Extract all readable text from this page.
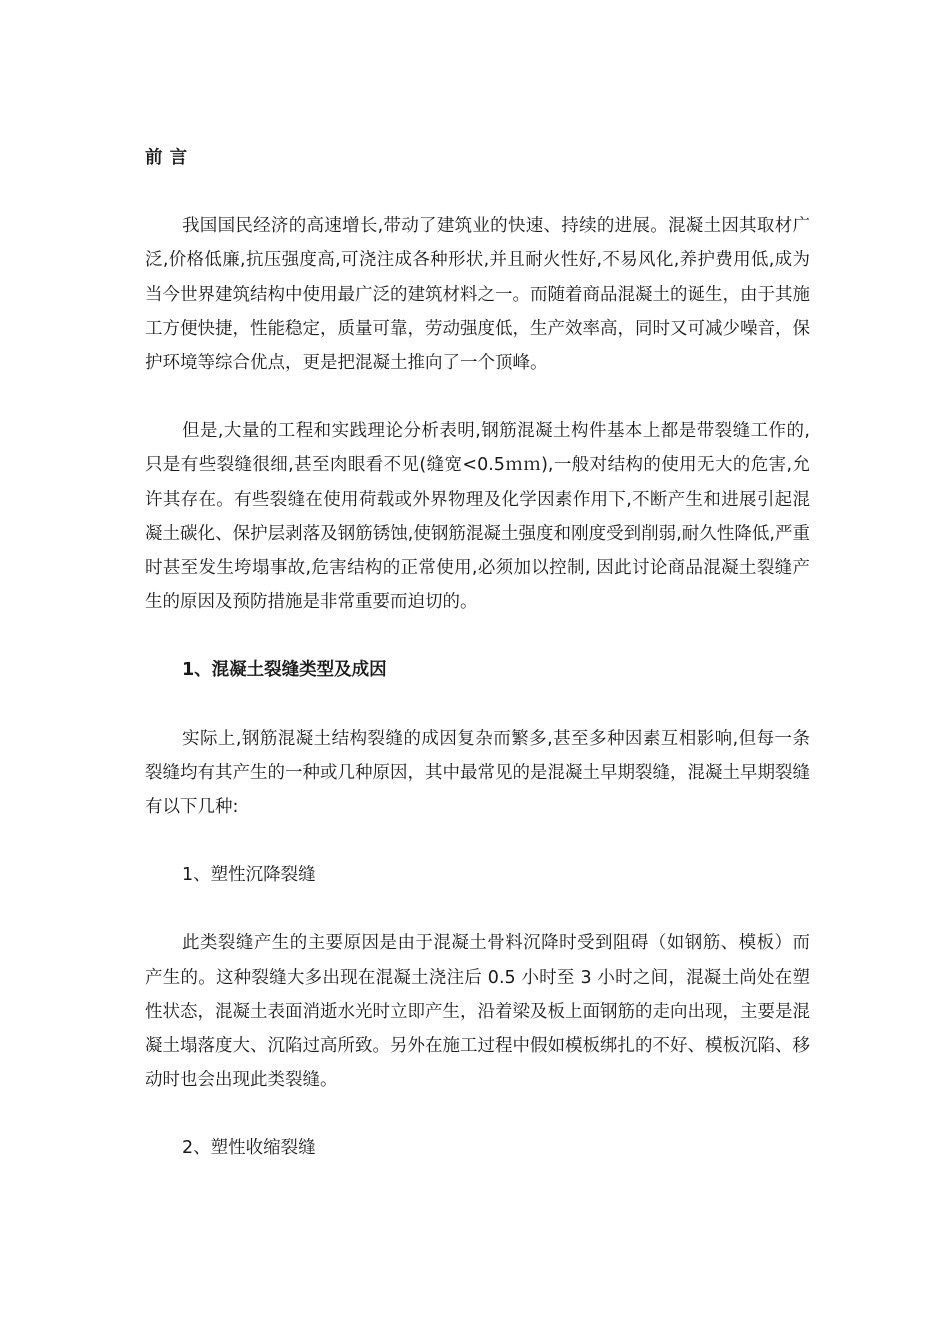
前 言

我国国民经济的高速增长,带动了建筑业的快速、持续的进展。混凝土因其取材广泛,价格低廉,抗压强度高,可浇注成各种形状,并且耐火性好,不易风化,养护费用低,成为当今世界建筑结构中使用最广泛的建筑材料之一。而随着商品混凝土的诞生，由于其施工方便快捷，性能稳定，质量可靠，劳动强度低，生产效率高，同时又可减少噪音，保护环境等综合优点，更是把混凝土推向了一个顶峰。

但是,大量的工程和实践理论分析表明,钢筋混凝土构件基本上都是带裂缝工作的,只是有些裂缝很细,甚至肉眼看不见(缝宽<0.5ｍｍ),一般对结构的使用无大的危害,允许其存在。有些裂缝在使用荷载或外界物理及化学因素作用下,不断产生和进展引起混凝土碳化、保护层剥落及钢筋锈蚀,使钢筋混凝土强度和刚度受到削弱,耐久性降低,严重时甚至发生垮塌事故,危害结构的正常使用,必须加以控制, 因此讨论商品混凝土裂缝产生的原因及预防措施是非常重要而迫切的。

1、混凝土裂缝类型及成因

实际上,钢筋混凝土结构裂缝的成因复杂而繁多,甚至多种因素互相影响,但每一条裂缝均有其产生的一种或几种原因，其中最常见的是混凝土早期裂缝，混凝土早期裂缝有以下几种:

1、塑性沉降裂缝

此类裂缝产生的主要原因是由于混凝土骨料沉降时受到阻碍（如钢筋、模板）而产生的。这种裂缝大多出现在混凝土浇注后 0.5 小时至 3 小时之间，混凝土尚处在塑性状态，混凝土表面消逝水光时立即产生，沿着梁及板上面钢筋的走向出现，主要是混凝土塌落度大、沉陷过高所致。另外在施工过程中假如模板绑扎的不好、模板沉陷、移动时也会出现此类裂缝。

2、塑性收缩裂缝
